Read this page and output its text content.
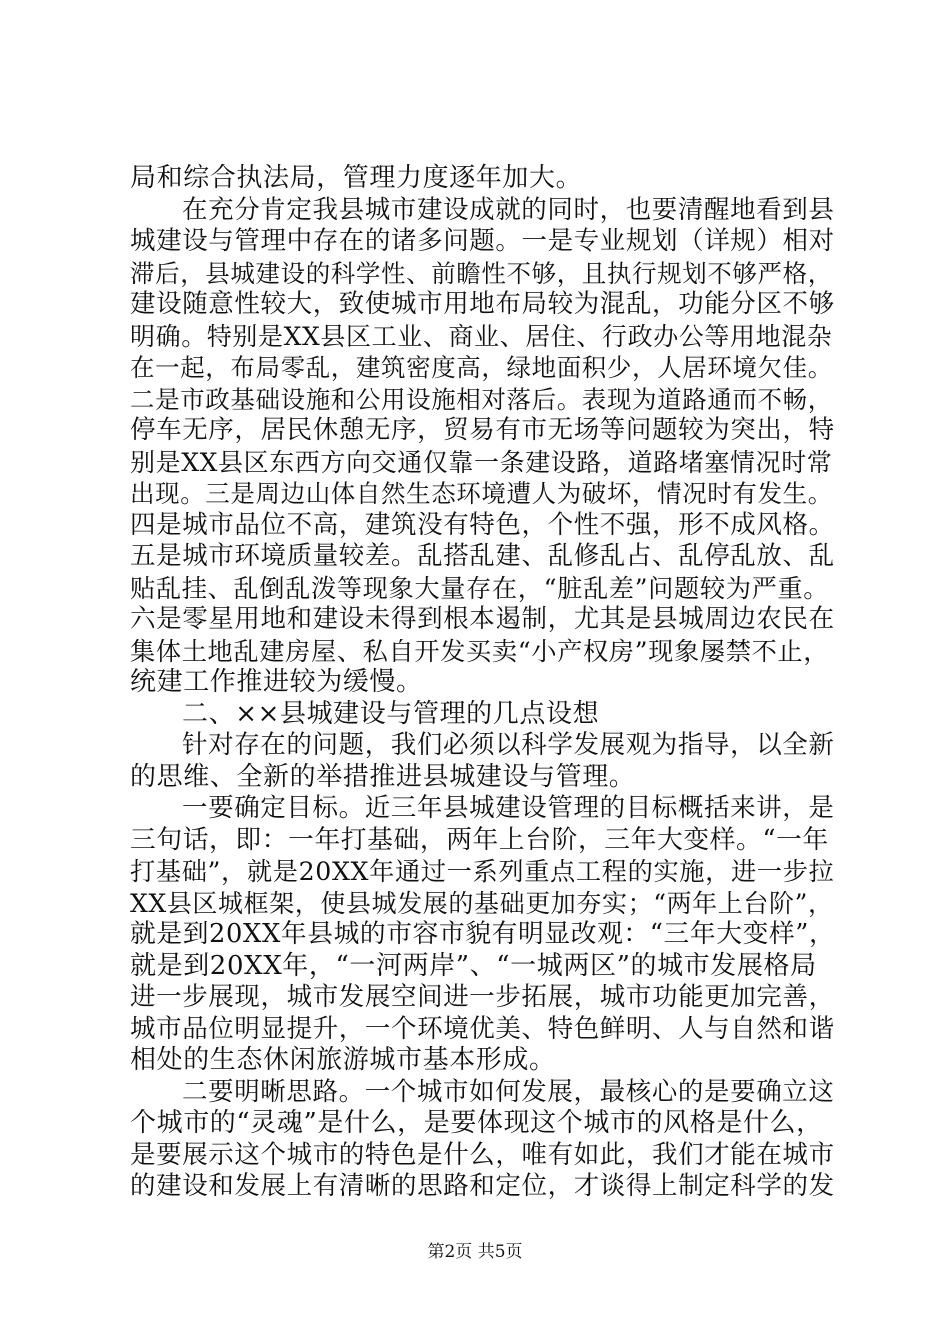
局和综合执法局，管理力度逐年加大。
在充分肯定我县城市建设成就的同时，也要清醒地看到县
城建设与管理中存在的诸多问题。一是专业规划（详规）相对
滞后，县城建设的科学性、前瞻性不够，且执行规划不够严格，
建设随意性较大，致使城市用地布局较为混乱，功能分区不够
明确。特别是XX县区工业、商业、居住、行政办公等用地混杂
在一起，布局零乱，建筑密度高，绿地面积少，人居环境欠佳。
二是市政基础设施和公用设施相对落后。表现为道路通而不畅，
停车无序，居民休憩无序，贸易有市无场等问题较为突出，特
别是XX县区东西方向交通仅靠一条建设路，道路堵塞情况时常
出现。三是周边山体自然生态环境遭人为破坏，情况时有发生。
四是城市品位不高，建筑没有特色，个性不强，形不成风格。
五是城市环境质量较差。乱搭乱建、乱修乱占、乱停乱放、乱
贴乱挂、乱倒乱泼等现象大量存在，“脏乱差”问题较为严重。
六是零星用地和建设未得到根本遏制，尤其是县城周边农民在
集体土地乱建房屋、私自开发买卖“小产权房”现象屡禁不止，
统建工作推进较为缓慢。
二、××县城建设与管理的几点设想
针对存在的问题，我们必须以科学发展观为指导，以全新
的思维、全新的举措推进县城建设与管理。
一要确定目标。近三年县城建设管理的目标概括来讲，是
三句话，即：一年打基础，两年上台阶，三年大变样。“一年
打基础”，就是20XX年通过一系列重点工程的实施，进一步拉
XX县区城框架，使县城发展的基础更加夯实；“两年上台阶”，
就是到20XX年县城的市容市貌有明显改观：“三年大变样”，
就是到20XX年，“一河两岸”、“一城两区”的城市发展格局
进一步展现，城市发展空间进一步拓展，城市功能更加完善，
城市品位明显提升，一个环境优美、特色鲜明、人与自然和谐
相处的生态休闲旅游城市基本形成。
二要明晰思路。一个城市如何发展，最核心的是要确立这
个城市的“灵魂”是什么，是要体现这个城市的风格是什么，
是要展示这个城市的特色是什么，唯有如此，我们才能在城市
的建设和发展上有清晰的思路和定位，才谈得上制定科学的发
第2页 共5页
